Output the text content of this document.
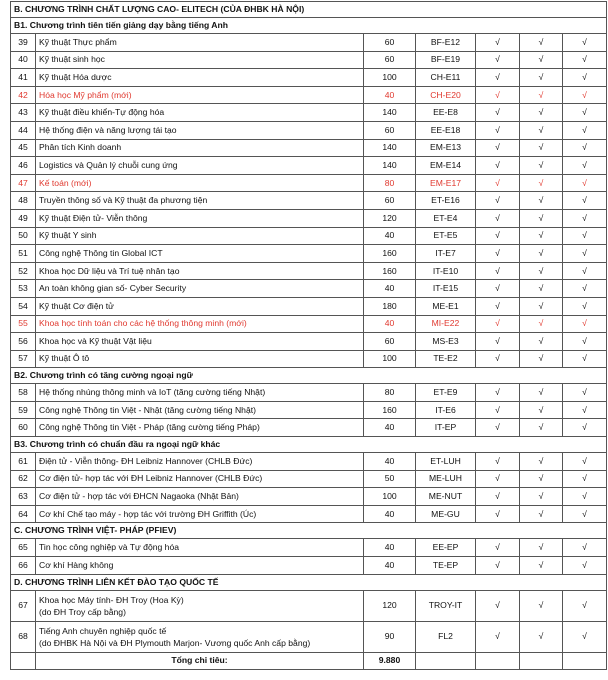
B. CHƯƠNG TRÌNH CHẤT LƯỢNG CAO- ELITECH (CỦA ĐHBK HÀ NỘI)						
B1. Chương trình tiên tiến giảng dạy bằng tiếng Anh						
39	Kỹ thuật Thực phẩm	60	BF-E12	√	√	√
40	Kỹ thuật sinh học	60	BF-E19	√	√	√
41	Kỹ thuật Hóa dược	100	CH-E11	√	√	√
42	Hóa học Mỹ phẩm (mới)	40	CH-E20	√	√	√
43	Kỹ thuật điều khiển-Tự động hóa	140	EE-E8	√	√	√
44	Hệ thống điện và năng lượng tái tạo	60	EE-E18	√	√	√
45	Phân tích Kinh doanh	140	EM-E13	√	√	√
46	Logistics và Quản lý chuỗi cung ứng	140	EM-E14	√	√	√
47	Kế toán (mới)	80	EM-E17	√	√	√
48	Truyền thông số và Kỹ thuật đa phương tiện	60	ET-E16	√	√	√
49	Kỹ thuật Điện tử- Viễn thông	120	ET-E4	√	√	√
50	Kỹ thuật Y sinh	40	ET-E5	√	√	√
51	Công nghệ Thông tin Global ICT	160	IT-E7	√	√	√
52	Khoa học Dữ liệu và Trí tuệ nhân tạo	160	IT-E10	√	√	√
53	An toàn không gian số- Cyber Security	40	IT-E15	√	√	√
54	Kỹ thuật Cơ điện tử	180	ME-E1	√	√	√
55	Khoa học tính toán cho các hệ thống thông minh (mới)	40	MI-E22	√	√	√
56	Khoa học và Kỹ thuật Vật liệu	60	MS-E3	√	√	√
57	Kỹ thuật Ô tô	100	TE-E2	√	√	√
B2. Chương trình có tăng cường ngoại ngữ						
58	Hệ thống nhúng thông minh và IoT (tăng cường tiếng Nhật)	80	ET-E9	√	√	√
59	Công nghệ Thông tin Việt - Nhật (tăng cường tiếng Nhật)	160	IT-E6	√	√	√
60	Công nghệ Thông tin Việt - Pháp (tăng cường tiếng Pháp)	40	IT-EP	√	√	√
B3. Chương trình có chuẩn đầu ra ngoại ngữ khác						
61	Điện tử - Viễn thông- ĐH Leibniz Hannover (CHLB Đức)	40	ET-LUH	√	√	√
62	Cơ điện tử- hợp tác với ĐH Leibniz Hannover (CHLB Đức)	50	ME-LUH	√	√	√
63	Cơ điện tử - hợp tác với ĐHCN Nagaoka (Nhật Bản)	100	ME-NUT	√	√	√
64	Cơ khí Chế tạo máy - hợp tác với trường ĐH Griffith (Úc)	40	ME-GU	√	√	√
C. CHƯƠNG TRÌNH VIỆT- PHÁP (PFIEV)						
65	Tin học công nghiệp và Tự động hóa	40	EE-EP	√	√	√
66	Cơ khí Hàng không	40	TE-EP	√	√	√
D. CHƯƠNG TRÌNH LIÊN KẾT ĐÀO TẠO QUỐC TẾ						
67	Khoa học Máy tính- ĐH Troy (Hoa Kỳ)
(do ĐH Troy cấp bằng)	120	TROY-IT	√	√	√
68	Tiếng Anh chuyên nghiệp quốc tế
(do ĐHBK Hà Nội và ĐH Plymouth Marjon- Vương quốc Anh cấp bằng)	90	FL2	√	√	√
	Tổng chỉ tiêu:	9.880				
